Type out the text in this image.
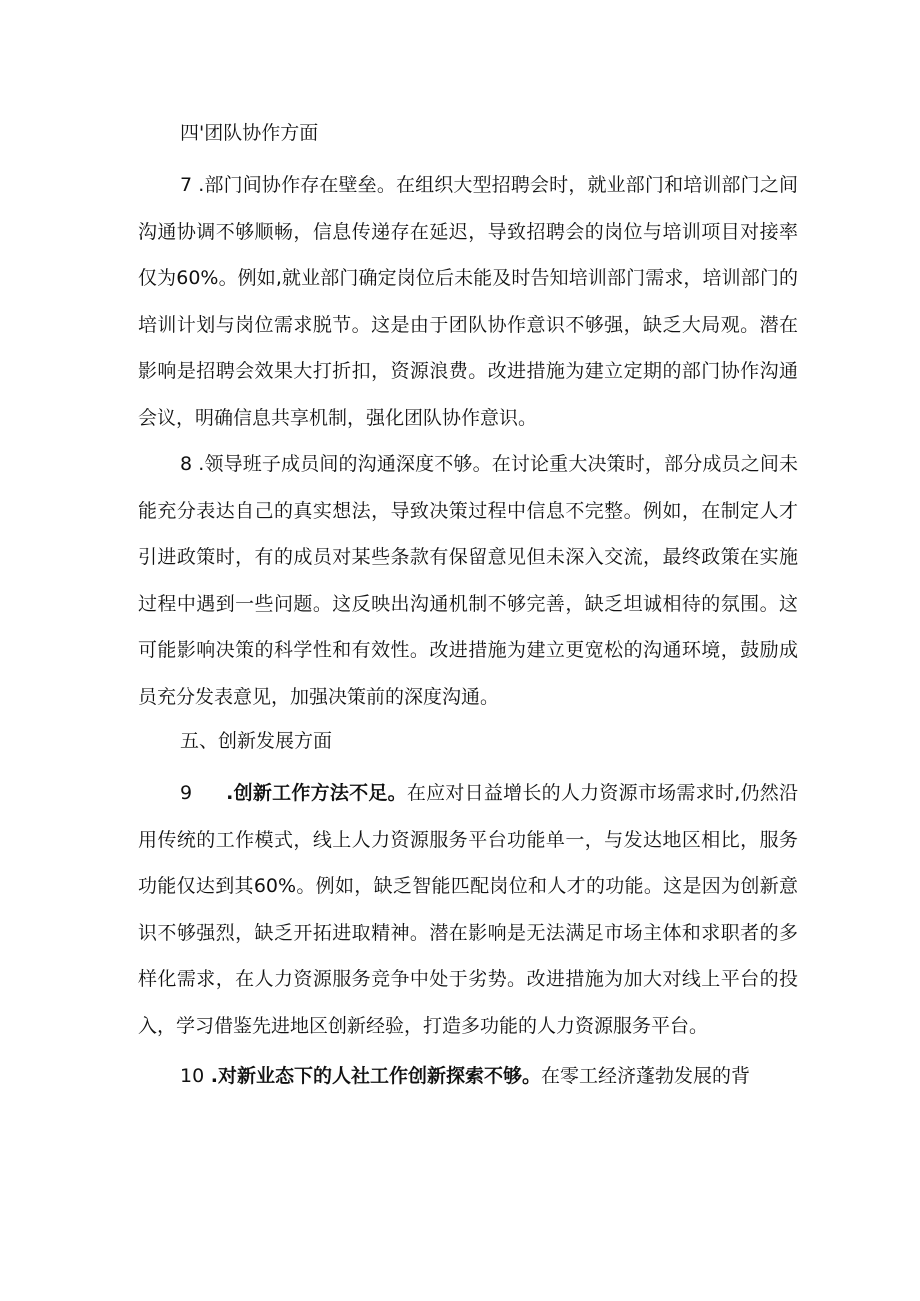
四'团队协作方面

7 .部门间协作存在壁垒。在组织大型招聘会时，就业部门和培训部门之间沟通协调不够顺畅，信息传递存在延迟，导致招聘会的岗位与培训项目对接率仅为60%。例如,就业部门确定岗位后未能及时告知培训部门需求，培训部门的培训计划与岗位需求脱节。这是由于团队协作意识不够强，缺乏大局观。潜在影响是招聘会效果大打折扣，资源浪费。改进措施为建立定期的部门协作沟通会议，明确信息共享机制，强化团队协作意识。

8 .领导班子成员间的沟通深度不够。在讨论重大决策时，部分成员之间未能充分表达自己的真实想法，导致决策过程中信息不完整。例如，在制定人才引进政策时，有的成员对某些条款有保留意见但未深入交流，最终政策在实施过程中遇到一些问题。这反映出沟通机制不够完善，缺乏坦诚相待的氛围。这可能影响决策的科学性和有效性。改进措施为建立更宽松的沟通环境，鼓励成员充分发表意见，加强决策前的深度沟通。

五、创新发展方面

9 .创新工作方法不足。在应对日益增长的人力资源市场需求时,仍然沿用传统的工作模式，线上人力资源服务平台功能单一，与发达地区相比，服务功能仅达到其60%。例如，缺乏智能匹配岗位和人才的功能。这是因为创新意识不够强烈，缺乏开拓进取精神。潜在影响是无法满足市场主体和求职者的多样化需求，在人力资源服务竞争中处于劣势。改进措施为加大对线上平台的投入，学习借鉴先进地区创新经验，打造多功能的人力资源服务平台。

10 .对新业态下的人社工作创新探索不够。在零工经济蓬勃发展的背
